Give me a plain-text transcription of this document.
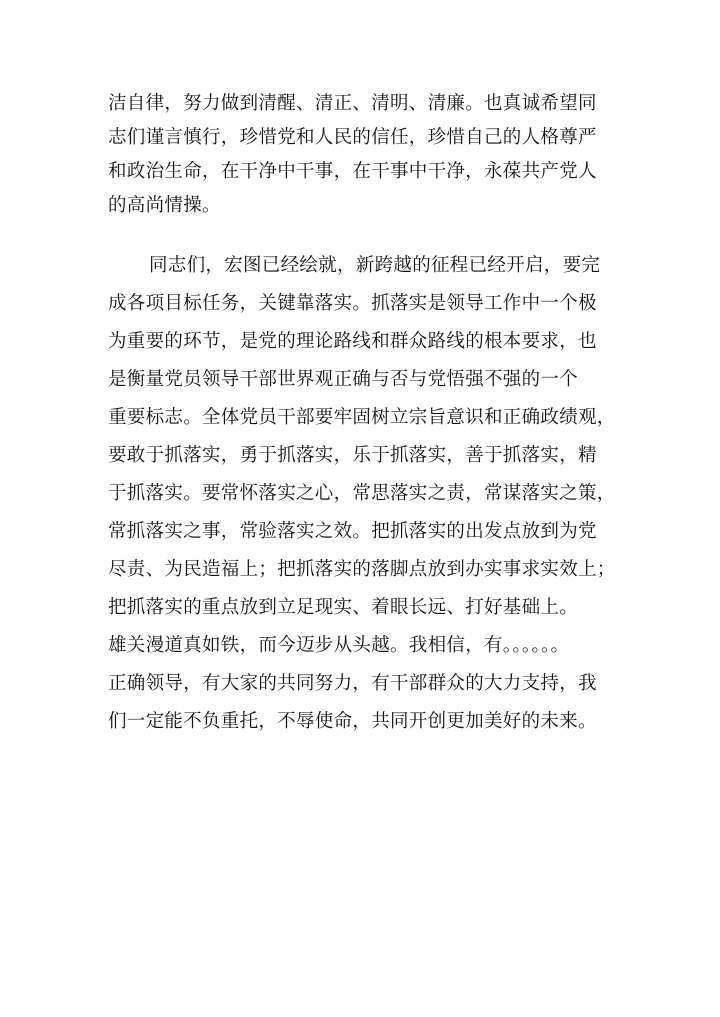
洁自律，努力做到清醒、清正、清明、清廉。也真诚希望同
志们谨言慎行，珍惜党和人民的信任，珍惜自己的人格尊严
和政治生命，在干净中干事，在干事中干净，永葆共产党人
的高尚情操。
同志们，宏图已经绘就，新跨越的征程已经开启，要完
成各项目标任务，关键靠落实。抓落实是领导工作中一个极
为重要的环节，是党的理论路线和群众路线的根本要求，也
是衡量党员领导干部世界观正确与否与党悟强不强的一个
重要标志。全体党员干部要牢固树立宗旨意识和正确政绩观，
要敢于抓落实，勇于抓落实，乐于抓落实，善于抓落实，精
于抓落实。要常怀落实之心，常思落实之责，常谋落实之策，
常抓落实之事，常验落实之效。把抓落实的出发点放到为党
尽责、为民造福上；把抓落实的落脚点放到办实事求实效上；
把抓落实的重点放到立足现实、着眼长远、打好基础上。
雄关漫道真如铁，而今迈步从头越。我相信，有。。。。。。
正确领导，有大家的共同努力，有干部群众的大力支持，我
们一定能不负重托，不辱使命，共同开创更加美好的未来。
